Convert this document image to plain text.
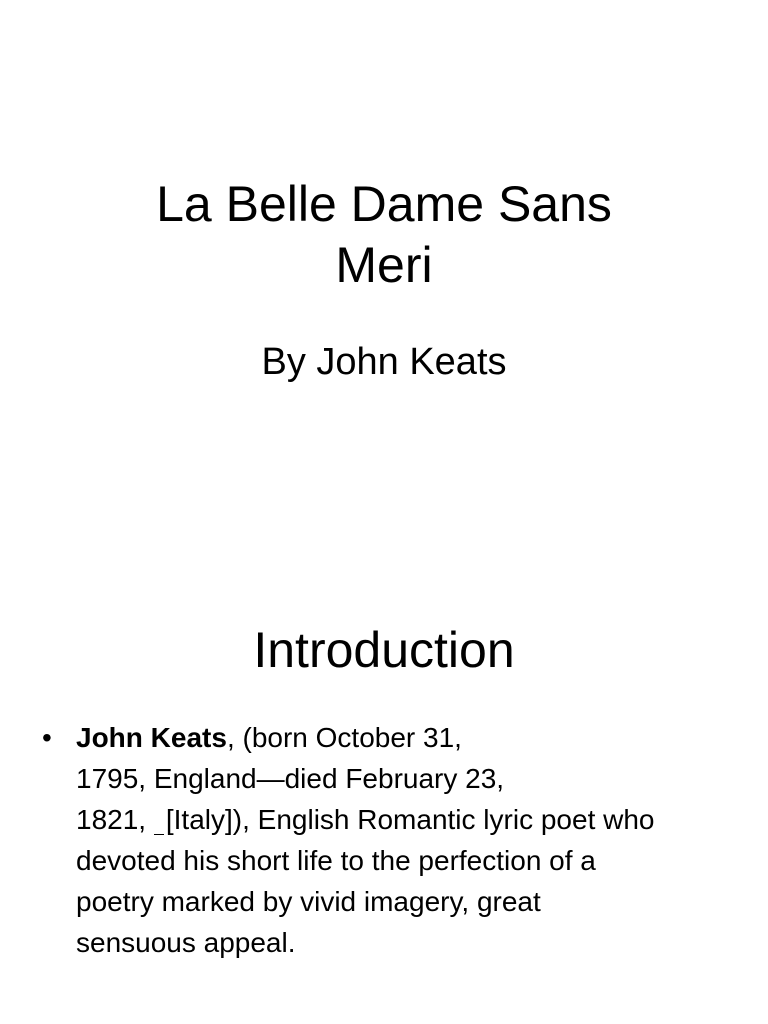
La Belle Dame Sans
Meri

By John Keats

Introduction
• John Keats, (born October 31,
1795, England—died February 23,
1821, [Italy]), English Romantic lyric poet who
devoted his short life to the perfection of a
poetry marked by vivid imagery, great
sensuous appeal.
